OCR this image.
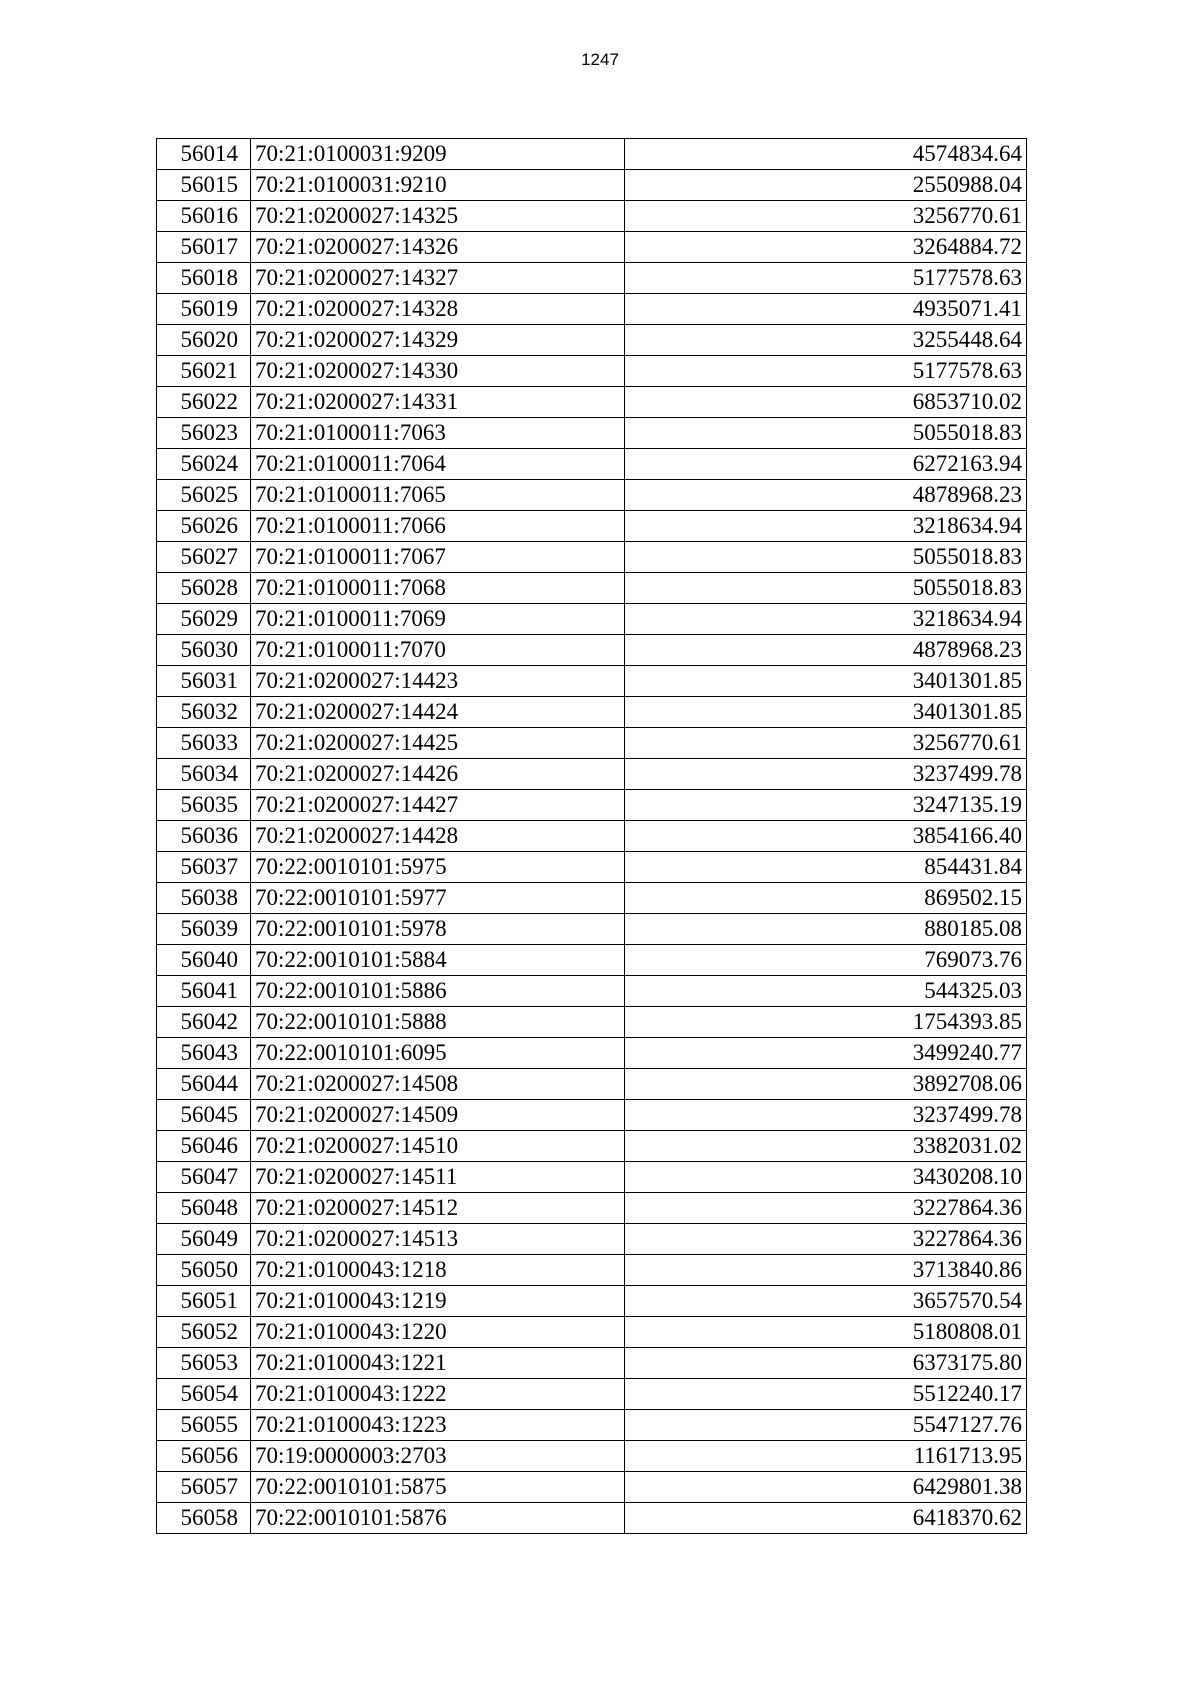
1247
56014	70:21:0100031:9209	4574834.64
56015	70:21:0100031:9210	2550988.04
56016	70:21:0200027:14325	3256770.61
56017	70:21:0200027:14326	3264884.72
56018	70:21:0200027:14327	5177578.63
56019	70:21:0200027:14328	4935071.41
56020	70:21:0200027:14329	3255448.64
56021	70:21:0200027:14330	5177578.63
56022	70:21:0200027:14331	6853710.02
56023	70:21:0100011:7063	5055018.83
56024	70:21:0100011:7064	6272163.94
56025	70:21:0100011:7065	4878968.23
56026	70:21:0100011:7066	3218634.94
56027	70:21:0100011:7067	5055018.83
56028	70:21:0100011:7068	5055018.83
56029	70:21:0100011:7069	3218634.94
56030	70:21:0100011:7070	4878968.23
56031	70:21:0200027:14423	3401301.85
56032	70:21:0200027:14424	3401301.85
56033	70:21:0200027:14425	3256770.61
56034	70:21:0200027:14426	3237499.78
56035	70:21:0200027:14427	3247135.19
56036	70:21:0200027:14428	3854166.40
56037	70:22:0010101:5975	854431.84
56038	70:22:0010101:5977	869502.15
56039	70:22:0010101:5978	880185.08
56040	70:22:0010101:5884	769073.76
56041	70:22:0010101:5886	544325.03
56042	70:22:0010101:5888	1754393.85
56043	70:22:0010101:6095	3499240.77
56044	70:21:0200027:14508	3892708.06
56045	70:21:0200027:14509	3237499.78
56046	70:21:0200027:14510	3382031.02
56047	70:21:0200027:14511	3430208.10
56048	70:21:0200027:14512	3227864.36
56049	70:21:0200027:14513	3227864.36
56050	70:21:0100043:1218	3713840.86
56051	70:21:0100043:1219	3657570.54
56052	70:21:0100043:1220	5180808.01
56053	70:21:0100043:1221	6373175.80
56054	70:21:0100043:1222	5512240.17
56055	70:21:0100043:1223	5547127.76
56056	70:19:0000003:2703	1161713.95
56057	70:22:0010101:5875	6429801.38
56058	70:22:0010101:5876	6418370.62
